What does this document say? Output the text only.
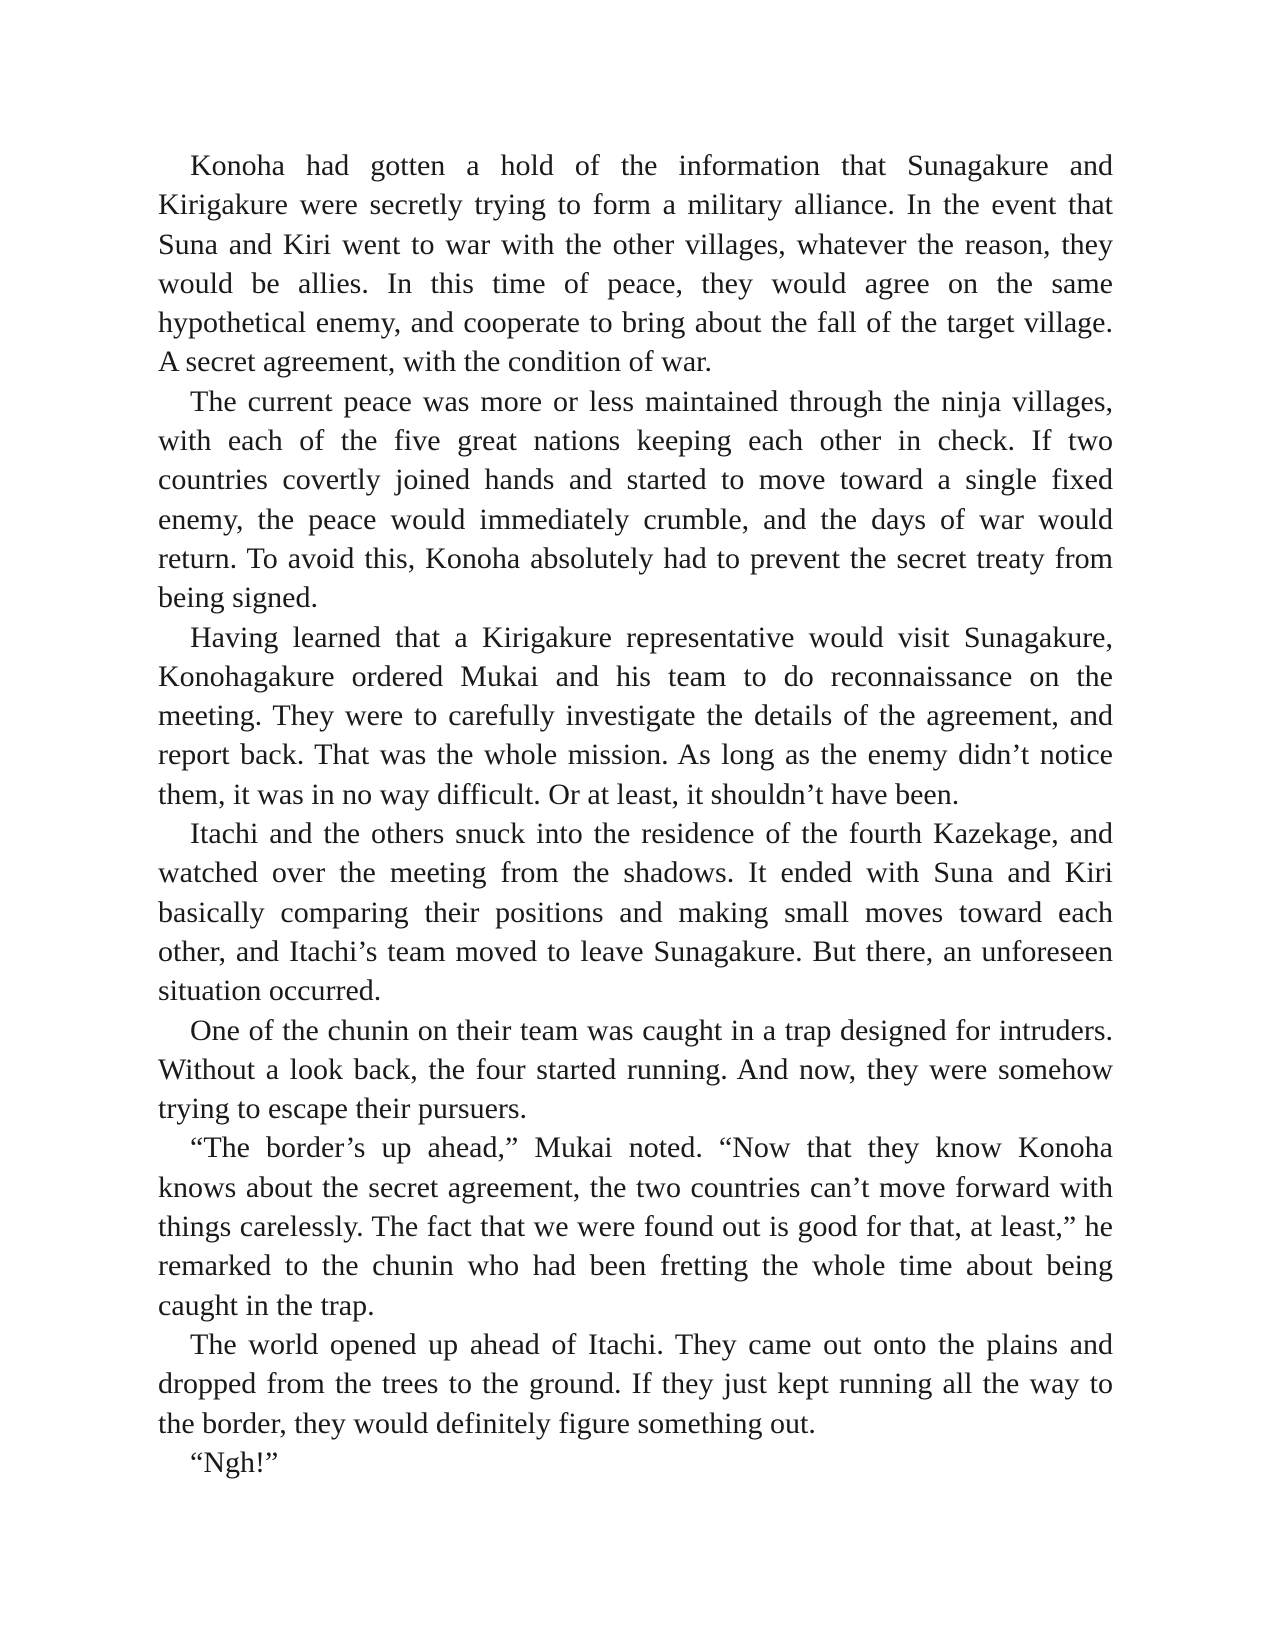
Konoha had gotten a hold of the information that Sunagakure and Kirigakure were secretly trying to form a military alliance. In the event that Suna and Kiri went to war with the other villages, whatever the reason, they would be allies. In this time of peace, they would agree on the same hypothetical enemy, and cooperate to bring about the fall of the target village. A secret agreement, with the condition of war.

The current peace was more or less maintained through the ninja villages, with each of the five great nations keeping each other in check. If two countries covertly joined hands and started to move toward a single fixed enemy, the peace would immediately crumble, and the days of war would return. To avoid this, Konoha absolutely had to prevent the secret treaty from being signed.

Having learned that a Kirigakure representative would visit Sunagakure, Konohagakure ordered Mukai and his team to do reconnaissance on the meeting. They were to carefully investigate the details of the agreement, and report back. That was the whole mission. As long as the enemy didn’t notice them, it was in no way difficult. Or at least, it shouldn’t have been.

Itachi and the others snuck into the residence of the fourth Kazekage, and watched over the meeting from the shadows. It ended with Suna and Kiri basically comparing their positions and making small moves toward each other, and Itachi’s team moved to leave Sunagakure. But there, an unforeseen situation occurred.

One of the chunin on their team was caught in a trap designed for intruders. Without a look back, the four started running. And now, they were somehow trying to escape their pursuers.

“The border’s up ahead,” Mukai noted. “Now that they know Konoha knows about the secret agreement, the two countries can’t move forward with things carelessly. The fact that we were found out is good for that, at least,” he remarked to the chunin who had been fretting the whole time about being caught in the trap.

The world opened up ahead of Itachi. They came out onto the plains and dropped from the trees to the ground. If they just kept running all the way to the border, they would definitely figure something out.

“Ngh!”
